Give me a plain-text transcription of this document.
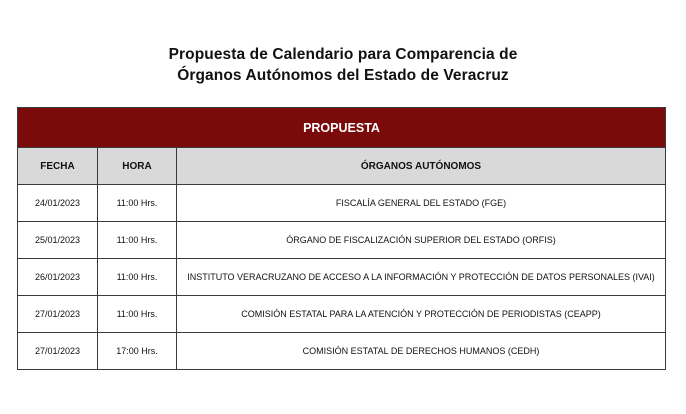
Propuesta de Calendario para Comparencia de
Órganos Autónomos del Estado de Veracruz
PROPUESTA		
FECHA	HORA	ÓRGANOS AUTÓNOMOS
24/01/2023	11:00 Hrs.	FISCALÍA GENERAL DEL ESTADO (FGE)
25/01/2023	11:00 Hrs.	ÓRGANO DE FISCALIZACIÓN SUPERIOR DEL ESTADO (ORFIS)
26/01/2023	11:00 Hrs.	INSTITUTO VERACRUZANO DE ACCESO A LA INFORMACIÓN Y PROTECCIÓN DE DATOS PERSONALES (IVAI)
27/01/2023	11:00 Hrs.	COMISIÓN ESTATAL PARA LA ATENCIÓN Y PROTECCIÓN DE PERIODISTAS (CEAPP)
27/01/2023	17:00 Hrs.	COMISIÓN ESTATAL DE DERECHOS HUMANOS (CEDH)
